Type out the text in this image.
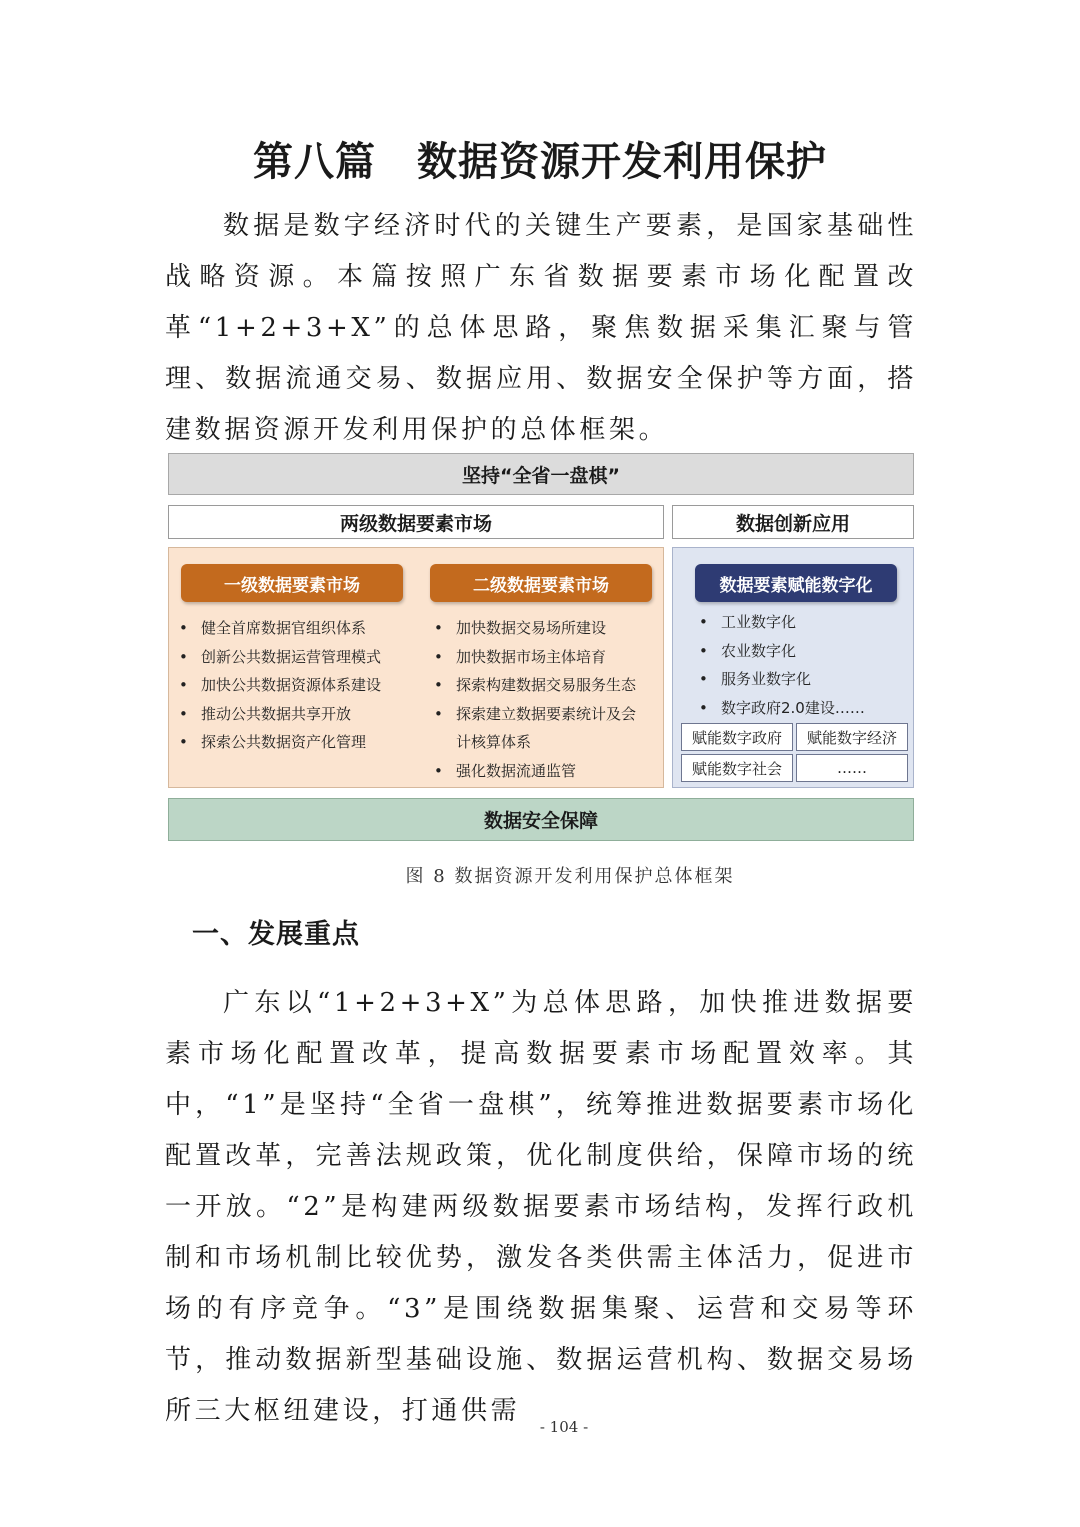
第八篇　数据资源开发利用保护

数据是数字经济时代的关键生产要素，是国家基础性战略资源。本篇按照广东省数据要素市场化配置改革“1+2+3+X”的总体思路，聚焦数据采集汇聚与管理、数据流通交易、数据应用、数据安全保护等方面，搭建数据资源开发利用保护的总体框架。

坚持“全省一盘棋”
两级数据要素市场	数据创新应用
一级数据要素市场
• 健全首席数据官组织体系
• 创新公共数据运营管理模式
• 加快公共数据资源体系建设
• 推动公共数据共享开放
• 探索公共数据资产化管理
二级数据要素市场
• 加快数据交易场所建设
• 加快数据市场主体培育
• 探索构建数据交易服务生态
• 探索建立数据要素统计及会
计核算体系
• 强化数据流通监管
数据要素赋能数字化
• 工业数字化
• 农业数字化
• 服务业数字化
• 数字政府2.0建设……
赋能数字政府	赋能数字经济
赋能数字社会	……
数据安全保障
图 8 数据资源开发利用保护总体框架
一、发展重点

广东以“1+2+3+X”为总体思路，加快推进数据要素市场化配置改革，提高数据要素市场配置效率。其中，“1”是坚持“全省一盘棋”，统筹推进数据要素市场化配置改革，完善法规政策，优化制度供给，保障市场的统一开放。“2”是构建两级数据要素市场结构，发挥行政机制和市场机制比较优势，激发各类供需主体活力，促进市场的有序竞争。“3”是围绕数据集聚、运营和交易等环节，推动数据新型基础设施、数据运营机构、数据交易场所三大枢纽建设，打通供需

- 104 -
